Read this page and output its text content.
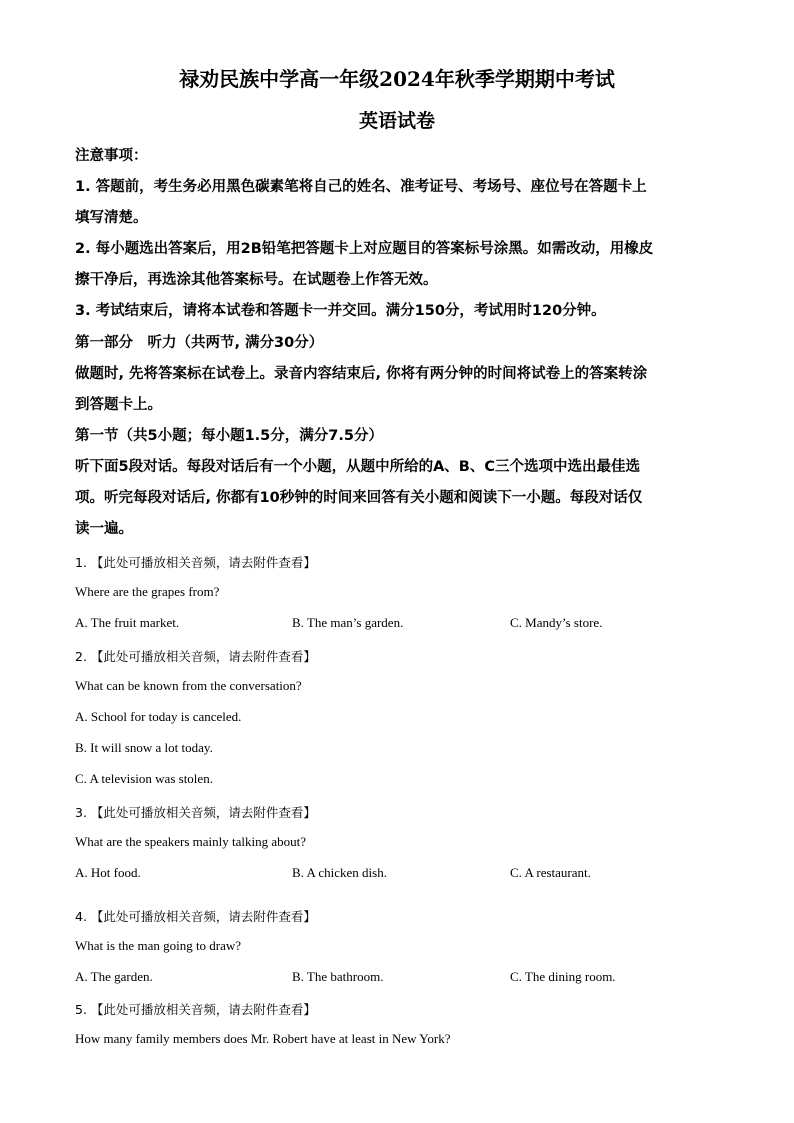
禄劝民族中学高一年级2024年秋季学期期中考试
英语试卷
注意事项：
1. 答题前，考生务必用黑色碳素笔将自己的姓名、准考证号、考场号、座位号在答题卡上
填写清楚。
2. 每小题选出答案后，用2B铅笔把答题卡上对应题目的答案标号涂黑。如需改动，用橡皮
擦干净后，再选涂其他答案标号。在试题卷上作答无效。
3. 考试结束后，请将本试卷和答题卡一并交回。满分150分，考试用时120分钟。
第一部分　听力（共两节, 满分30分）
做题时, 先将答案标在试卷上。录音内容结束后, 你将有两分钟的时间将试卷上的答案转涂
到答题卡上。
第一节（共5小题；每小题1.5分，满分7.5分）
听下面5段对话。每段对话后有一个小题，从题中所给的A、B、C三个选项中选出最佳选
项。听完每段对话后, 你都有10秒钟的时间来回答有关小题和阅读下一小题。每段对话仅
读一遍。
1. 【此处可播放相关音频，请去附件查看】
Where are the grapes from?
A. The fruit market.	B. The man’s garden.	C. Mandy’s store.
2. 【此处可播放相关音频，请去附件查看】
What can be known from the conversation?
A. School for today is canceled.
B. It will snow a lot today.
C. A television was stolen.
3. 【此处可播放相关音频，请去附件查看】
What are the speakers mainly talking about?
A. Hot food.	B. A chicken dish.	C. A restaurant.
4. 【此处可播放相关音频，请去附件查看】
What is the man going to draw?
A. The garden.	B. The bathroom.	C. The dining room.
5. 【此处可播放相关音频，请去附件查看】
How many family members does Mr. Robert have at least in New York?
